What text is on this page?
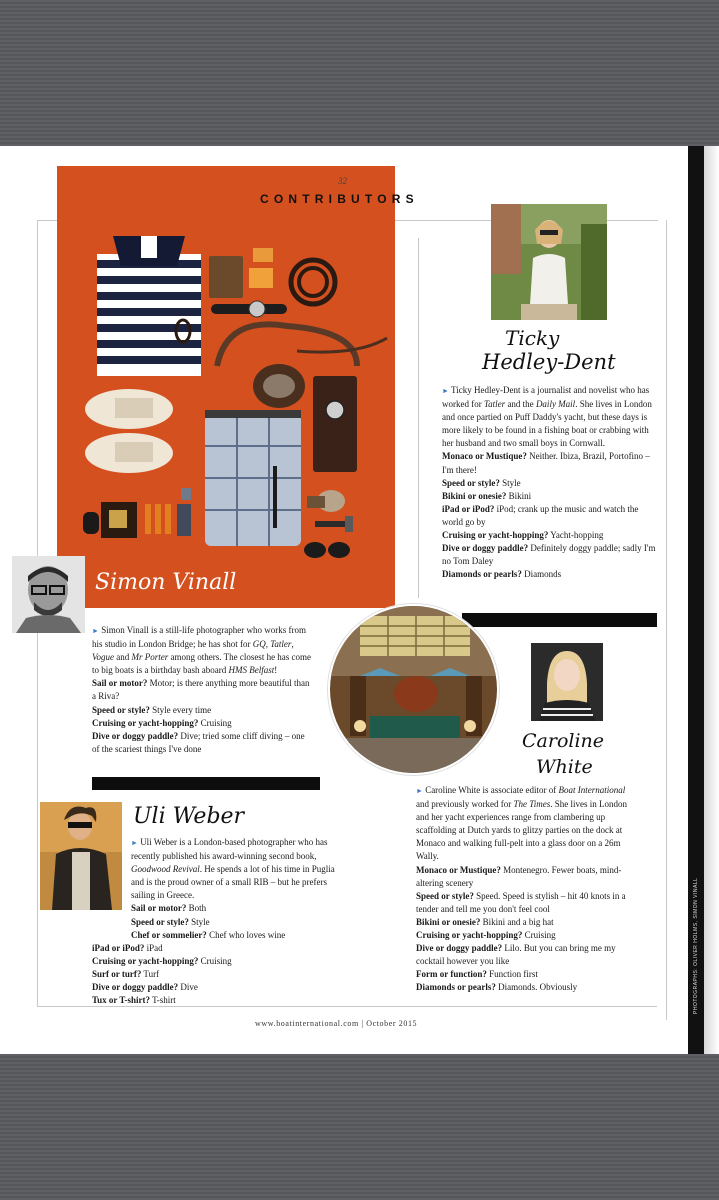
Simon Vinall
32
CONTRIBUTORS
Ticky
Hedley-Dent

► Ticky Hedley-Dent is a journalist and novelist who has worked for Tatler and the Daily Mail. She lives in London and once partied on Puff Daddy's yacht, but these days is more likely to be found in a fishing boat or crabbing with her husband and two small boys in Cornwall.

Monaco or Mustique? Neither. Ibiza, Brazil, Portofino – I'm there!

Speed or style? Style

Bikini or onesie? Bikini

iPad or iPod? iPod; crank up the music and watch the world go by

Cruising or yacht-hopping? Yacht-hopping

Dive or doggy paddle? Definitely doggy paddle; sadly I'm no Tom Daley

Diamonds or pearls? Diamonds

► Simon Vinall is a still-life photographer who works from his studio in London Bridge; he has shot for GQ, Tatler, Vogue and Mr Porter among others. The closest he has come to big boats is a birthday bash aboard HMS Belfast!

Sail or motor? Motor; is there anything more beautiful than a Riva?

Speed or style? Style every time

Cruising or yacht-hopping? Cruising

Dive or doggy paddle? Dive; tried some cliff diving – one of the scariest things I've done	Caroline
White
Uli Weber

► Uli Weber is a London-based photographer who has recently published his award-winning second book, Goodwood Revival. He spends a lot of his time in Puglia and is the proud owner of a small RIB – but he prefers sailing in Greece.

Sail or motor? Both

Speed or style? Style

Chef or sommelier? Chef who loves wine

iPad or iPod? iPad

Cruising or yacht-hopping? Cruising

Surf or turf? Turf

Dive or doggy paddle? Dive

Tux or T-shirt? T-shirt

► Caroline White is associate editor of Boat International and previously worked for The Times. She lives in London and her yacht experiences range from clambering up scaffolding at Dutch yards to glitzy parties on the dock at Monaco and walking full-pelt into a glass door on a 26m Wally.

Monaco or Mustique? Montenegro. Fewer boats, mind-altering scenery

Speed or style? Speed. Speed is stylish – hit 40 knots in a tender and tell me you don't feel cool

Bikini or onesie? Bikini and a big hat

Cruising or yacht-hopping? Cruising

Dive or doggy paddle? Lilo. But you can bring me my cocktail however you like

Form or function? Function first

Diamonds or pearls? Diamonds. Obviously

www.boatinternational.com | October 2015
PHOTOGRAPHS: OLIVER HOLMS, SIMON VINALL
